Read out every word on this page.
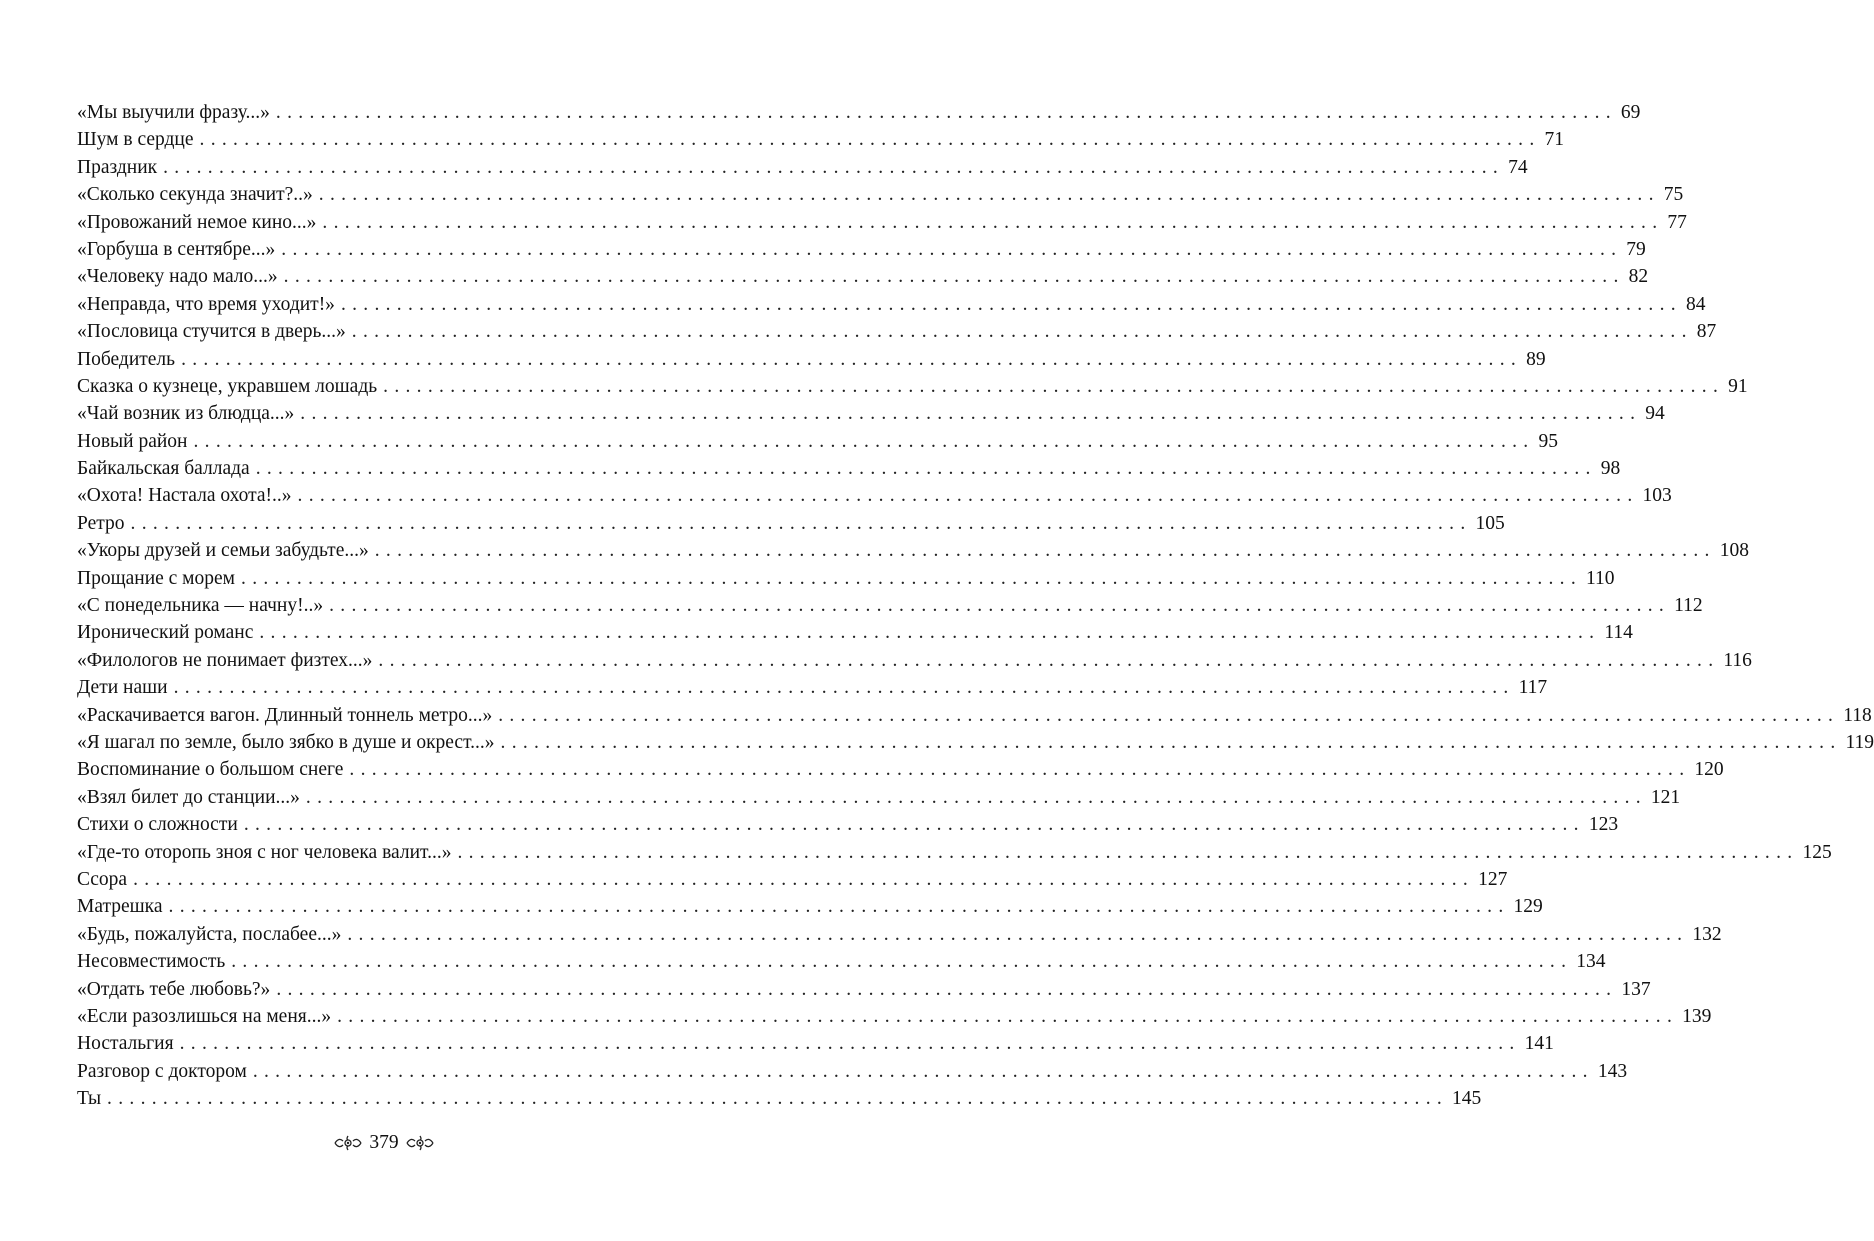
«Мы выучили фразу...» ........................................................................................................................ 69
Шум в сердце ........................................................................................................................ 71
Праздник ........................................................................................................................ 74
«Сколько секунда значит?..» ........................................................................................................................ 75
«Провожаний немое кино...» ........................................................................................................................ 77
«Горбуша в сентябре...» ........................................................................................................................ 79
«Человеку надо мало...» ........................................................................................................................ 82
«Неправда, что время уходит!» ........................................................................................................................ 84
«Пословица стучится в дверь...» ........................................................................................................................ 87
Победитель ........................................................................................................................ 89
Сказка о кузнеце, укравшем лошадь ........................................................................................................................ 91
«Чай возник из блюдца...» ........................................................................................................................ 94
Новый район ........................................................................................................................ 95
Байкальская баллада ........................................................................................................................ 98
«Охота! Настала охота!..» ........................................................................................................................ 103
Ретро ........................................................................................................................ 105
«Укоры друзей и семьи забудьте...» ........................................................................................................................ 108
Прощание с морем ........................................................................................................................ 110
«С понедельника — начну!..» ........................................................................................................................ 112
Иронический романс ........................................................................................................................ 114
«Филологов не понимает физтех...» ........................................................................................................................ 116
Дети наши ........................................................................................................................ 117
«Раскачивается вагон. Длинный тоннель метро...» ........................................................................................................................ 118
«Я шагал по земле, было зябко в душе и окрест...» ........................................................................................................................ 119
Воспоминание о большом снеге ........................................................................................................................ 120
«Взял билет до станции...» ........................................................................................................................ 121
Стихи о сложности ........................................................................................................................ 123
«Где-то оторопь зноя с ног человека валит...» ........................................................................................................................ 125
Ссора ........................................................................................................................ 127
Матрешка ........................................................................................................................ 129
«Будь, пожалуйста, послабее...» ........................................................................................................................ 132
Несовместимость ........................................................................................................................ 134
«Отдать тебе любовь?» ........................................................................................................................ 137
«Если разозлишься на меня...» ........................................................................................................................ 139
Ностальгия ........................................................................................................................ 141
Разговор с доктором ........................................................................................................................ 143
Ты ........................................................................................................................ 145
379
